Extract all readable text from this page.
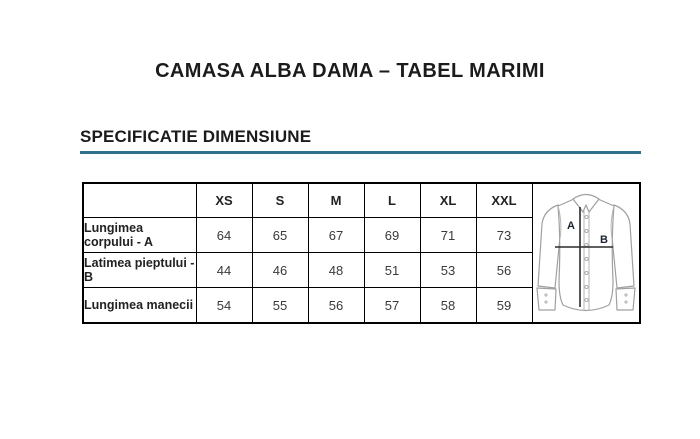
CAMASA ALBA DAMA – TABEL MARIMI
SPECIFICATIE DIMENSIUNE
	XS	S	M	L	XL	XXL	A
B

Lungimea corpului - A	64	65	67	69	71	73	
Latimea pieptului - B	44	46	48	51	53	56	
Lungimea manecii	54	55	56	57	58	59	
